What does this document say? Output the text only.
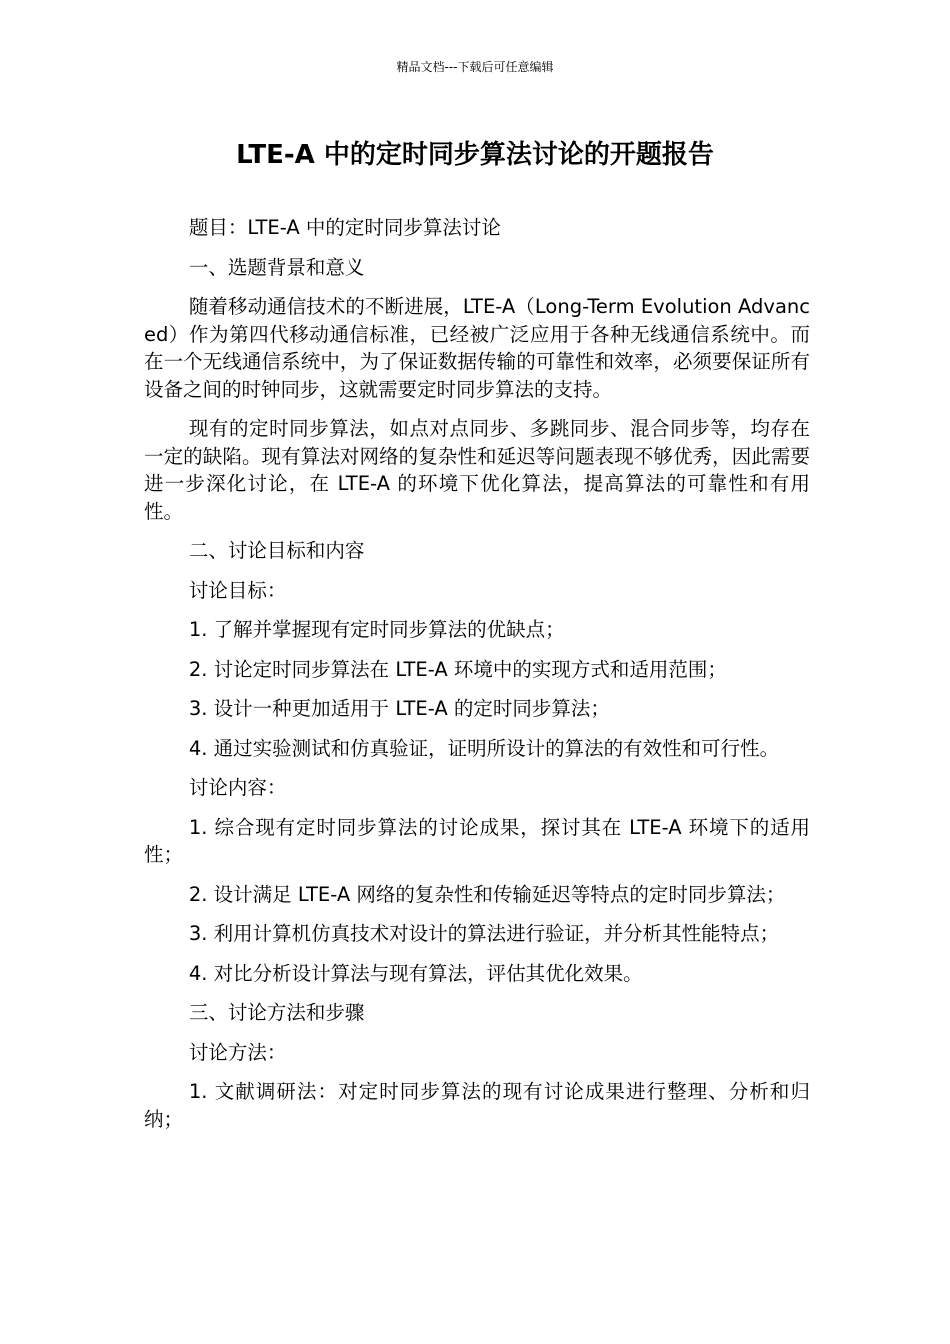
精品文档---下载后可任意编辑
LTE-A 中的定时同步算法讨论的开题报告

题目：LTE-A 中的定时同步算法讨论

一、选题背景和意义

随着移动通信技术的不断进展，LTE-A（Long-Term Evolution Advanced）作为第四代移动通信标准，已经被广泛应用于各种无线通信系统中。而在一个无线通信系统中，为了保证数据传输的可靠性和效率，必须要保证所有设备之间的时钟同步，这就需要定时同步算法的支持。

现有的定时同步算法，如点对点同步、多跳同步、混合同步等，均存在一定的缺陷。现有算法对网络的复杂性和延迟等问题表现不够优秀，因此需要进一步深化讨论，在 LTE-A 的环境下优化算法，提高算法的可靠性和有用性。

二、讨论目标和内容

讨论目标：

1. 了解并掌握现有定时同步算法的优缺点；

2. 讨论定时同步算法在 LTE-A 环境中的实现方式和适用范围；

3. 设计一种更加适用于 LTE-A 的定时同步算法；

4. 通过实验测试和仿真验证，证明所设计的算法的有效性和可行性。

讨论内容：

1. 综合现有定时同步算法的讨论成果，探讨其在 LTE-A 环境下的适用性；

2. 设计满足 LTE-A 网络的复杂性和传输延迟等特点的定时同步算法；

3. 利用计算机仿真技术对设计的算法进行验证，并分析其性能特点；

4. 对比分析设计算法与现有算法，评估其优化效果。

三、讨论方法和步骤

讨论方法：

1. 文献调研法：对定时同步算法的现有讨论成果进行整理、分析和归纳；
